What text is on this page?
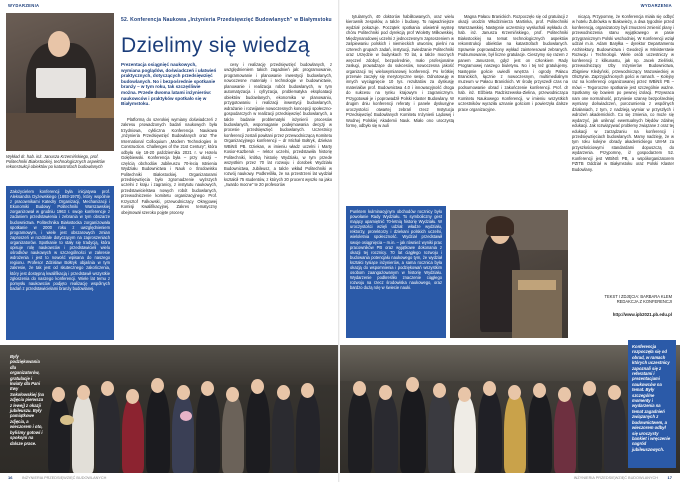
WYDARZENIA
Wykład dr. hab. inż. Janusza Krzemińskiego, prof. Politechniki Białostockiej, technologicznych aspektów rekonstrukcji obiektów po katastrofach budowlanych
Założycielem konferencji była inicjatywa prof. Aleksandra Dyżewskiego (1893-1970), który wspólnie z pracownikami Katedry Organizacji, Mechanizacji i Ekonomiki Budowy Politechniki Warszawskiej zorganizował w grudniu 1963 r. swoje konferencje z zadaniem przedstawienia i zebrania w tym obszarze budownictwa. Politechnika Białostocka zorganizowała spotkanie w 2000 roku z uwzględnieniem programowym, i wiele jest obszarowych zmian zaproszeń w rozdziale dotyczącym na zaproszeniach organizatorów. Spotkanie to stały się tradycją, która opisuje rolę naukowców i przedstawicieli wielu ośrodków naukowych w szczególności w zakresie wdrożenia i jest to nowość wpisana do naszego regionu. Profesor Zdzisław Bołtryk objaśnia w tym zakresie, że tak jest od skutecznego zakończenia, który jest dostępną kwalifikacją i przedstawił wszystkie zgłoszenia do naszego konferencji. Wiele lat temu z pomysłu naukowców podjęto realizację wspólnych badań z przedstawicielami branży budowlanej.
52. Konferencja Naukowa „Inżynieria Przedsięwzięć Budowlanych” w Białymstoku
Dzielimy się wiedzą
Prezentacja osiągnięć naukowych, wymiana poglądów, doświadczeń i ułatwień praktycznych, dotyczących przedsięwzięć budowlanych. No i bezpośrednie spotkanie branży – w tym roku, tak szczęśliwie można. Przede dwoma latami inżynierów: naukowców i praktyków spotkało się w Białymstoku.

Platformą do szerokiej wymiany doświadczeń z zakresu prowadzonych badań naukowych była trzydniowa, cykliczna Konferencja Naukowa „Inżynieria Przedsięwzięć Budowlanych oraz The International Colloquium „Modern Technologies in Construction. Challenges of the 21st Century”, która odbyła się 18-20 października 2021 r. w Hotelu Gołębiewski. Konferencja była – przy okazji – częścią obchodów Jubileuszu 70-lecia Istnienia Wydziału Budownictwa i Nauk o Środowisku Politechniki Białostockiej. Organizatorami przedsięwzięcia było zgromadzenie wyższych uczelni z kraju i zagranicy, z instytutu naukowych, przedstawicielstwa nowych robót budowlanych, przewodniczenie komitetu organizacyjnego Prof. Krzysztof Falkowski, przewodniczący Okręgowej Komisji Kwalifikacyjnej. Zakres tematyczny obejmował szeroko pojęte procesy

cesy i realizację przedsięwzięć budowlanych, z uwzględnieniem takich zagadnień jak: programowanie, programowanie i planowanie inwestycji budowlanych, nowoczesne materiały i technologie w budownictwie, planowanie i realizacja robót budowlanych, w tym automatyzacja i cyfryzacja, problematyka eksploatacji obiektów budowlanych, ekonomika w planowaniu, przygotowaniu i realizacji inwestycji budowlanych, wdrażanie i rozwijanie nowoczesnych koncepcji społeczno-gospodarczych w realizacji przedsięwzięć budowlanych, a także badanie problematyki inżynierii procesów budowlanych, wspomaganie podejmowania decyzji w procesie przedsięwzięć budowlanych. Uczestnicy konferencji zostali powitani przez przewodniczącą Komitetu Organizacyjnego konferencji – dr Michał Bołtryk, dziekan WBiNŚ PB. Dziekan, w imieniu władz uczelni i Marty Kosior-Kazberuk – rektor uczelni, przedstawiła historię Politechniki, krótką historię Wydziału, w tym przede wszystkim przez 70 lat rozwoju i dorobek Wydziału Budownictwa, Jubileusz, a także wkład Politechniki w rozwój naukowy. Podkreśliła, że na przestrzeni lat wydział kształcił 75 studentów, z których 20 procent wyszło na jako ,,twardo mocne” te 20 profesorów

Były podziękowania dla organizatorów, gratulacje i kwiaty dla Pani Ewy Sokołowskiej (na zdjęciu pierwsza z lewej) z okazji jubileuszu. Były pamiątkowe zdjęcia, a wieczorem i oto, byliśmy gotowi i spokojni na dalsze prace.
INŻYNIERIA PRZEDSIĘWZIĘĆ BUDOWLANYCH
16
WYDARZENIA

tytularnych, 40 doktorów habilitowanych, oraz wielu kierownik zespołów, a także i budowy. To najważniejsze wydział pokazuje. Początek spotkania uświetnił wystep chóru Politechniki pod dyrekcją prof Wioletty Milkowskiej. Międzynarodowej uczelni z jednoczesnym zaproszeniem w zaśpiewaniu polskich i niemieckich utworów, pieśni na czterech grupach zadań, instytucji, zwiedzanie Politechniki oraz Urzędzie w budynkach 70 lat, a także mocnych wręczeń zdobyć, bezpośrednie, mało profesjonalne zasługi, prowadzące do sukcesów, nowoczesna jakość organizacji tej wielowymiarowej konferencji. Po krótkiej przerwie zaczęły się merytoryczne sesje. Odnotowuję w innych wyciągnięcie 10 tys. rezultatów za dyskusję materiałów prof. Budownictwa 4.0 i innowacyjność droga do sukcesu na rynku krajowym i zagranicznym. Przygotował je i poprowadził Polski Klaster Budowlany. W drugim dniu konferencji referaty i panele dyskusyjne uroczystości otwartej zebrań rzecz Instytucja Przedsięwzięć Budowlanych Komitetu Inżynierii Lądowej i Wodnej Polskiej Akademii Nauk. Miało ono uroczystą formę, odbyło się w auli

Magna Pałacu Branickich. Rozpoczęło się od gratulacji z okazji urodzin Włodzimierza Martinka, prof. Politechniki Warszawskiej. Następnie uczestnicy wysłuchali wykładu dr. hab. inż. Janusza Krzemińskiego, prof. Politechniki Białostockiej na temat technologicznych aspektów rekonstrukcji obiektów na katastrofach budowlanych. Sprawnie poprowadzony wykład zainteresował zebranych. Podsumowanie, był liczne gratulacje. Cieszymy się razem z panem Januszem, gdyż jest on członkiem Rady Programowej naszego biuletynu. No i tej też gratulujemy. Następnie goście uwiedli wnętrza i ogrody Pałacu Branickich, łącznie z nowoczesnym, multimedialnym muzeum w Pałacu Branickich. W środę przyszedł czas na podsumowanie obrad i zakończenie konferencji. Prof. dr hab. inż. Elżbieta Radziszewska-Zielina, przewodnicząca Komitetu Naukowego Konferencji, w imieniu wszystkich uczestników wyraziła uznanie gościom i powierzyła dalsze prace organizacyjne.

nicącą. Przypomnę, że Konferencja miała się odbyć w hotelu Żubrówka w Białowieży, a dwa tygodnie przed konferencją, organizatorzy byli zmuszeni zmienić plany i przewodniczenia stanu wyjątkowego w pasie przygranicznym Polski wschodniej. W Konferencji wziął udział m.in. Adam Baryłka – dyrektor Departamentu Architektury, Budownictwa i Geodezji w Ministerstwie Rozwoju i Technologii. Wiele osób uczestniczy w konferencji z kilkunastu, jak np. Jacek Zieliński, przewodniczący Izby Inżynierów Budownictwa, Zbigniew Kledyński, przewodniczący Mazowieckiej w Olsztynie. Zaprzyjaźnionych gości w ramach. – Kolejny raz na konferencji organizowanej przez WBiNŚ PB – mówi – Tegoroczne spotkanie jest szczególnie ważne. Spotkamy się bowiem po pewnej izolacji. Przywraca nam one normalność, przyniesie szansę bezpośredniej wymiany doświadczeń, porozumienia z wspólnych działaniach, z tym, z nadzieją wymiar w przyszłych i wdrożeń akademickich. Co się zmienia, co może się wydarzyć, jak uniknąć ewentualnych błędów zdalnej edukacji. Jak rozwiązywać problemy związane z oraz tej edukacji w zarządzaniu na konferencji i przedsięwzięciach budowlanych. Mamy nadzieję, że w tym roku kolejne obrady akademickiego UM-M za przyszłościowymi standardami dopuszczą do wydarzenia. Przypomnę, iż gospodarzem 52. Konferencji jest WBiNŚ PB, a współorganizatorem PZITB Oddział w Białymstoku oraz Polski Klaster Budowlany.

Punktem kulminacyjnym obchodów rocznicy było powołanie Rady Wydziału. To symboliczny gest mający upamiętnić 70-letnią historię Wydziału. W uroczystości wzięli udział: władze wydziału, rektorzy, prorektorzy i dziekani polskich uczelni, wieloletnia społeczność. Wydział przedstawił swoje osiągnięcia – m.in. – jak również wyniki prac pracowników PB oraz wyjątkowe dokonania z okazji tej rocznicy. 70 lat ciągłego rozwoju i budowania potencjału naukowego tym, że wydział kształci tysiące inżynierów, a sama rocznica była okazją do wspomnienia i podziękowań wszystkim osobom zaangażowanym w historię Wydziału. Wydarzenie podkreśliło znaczenie ciągłego rozwoju na rzecz środowiska naukowego, oraz bardzo dużą rolę w świecie nauki.
TEKST I ZDJĘCIA: BARBARA KLEM
REDAKCJA Z KONFERENCJI
http://www.ipb2021.pb.edu.pl
Konferencja rozpoczęła się od obrad, w ramach których uczestnicy zapoznali się z referatami i prezentacjami naukowców na temat. Były szczególne momenty i wydarzenia na temat zagadnień związanych z budownictwem, a wieczorem odbył się uroczysty bankiet i wręczenie nagród jubileuszowych.
INŻYNIERIA PRZEDSIĘWZIĘĆ BUDOWLANYCH 17
